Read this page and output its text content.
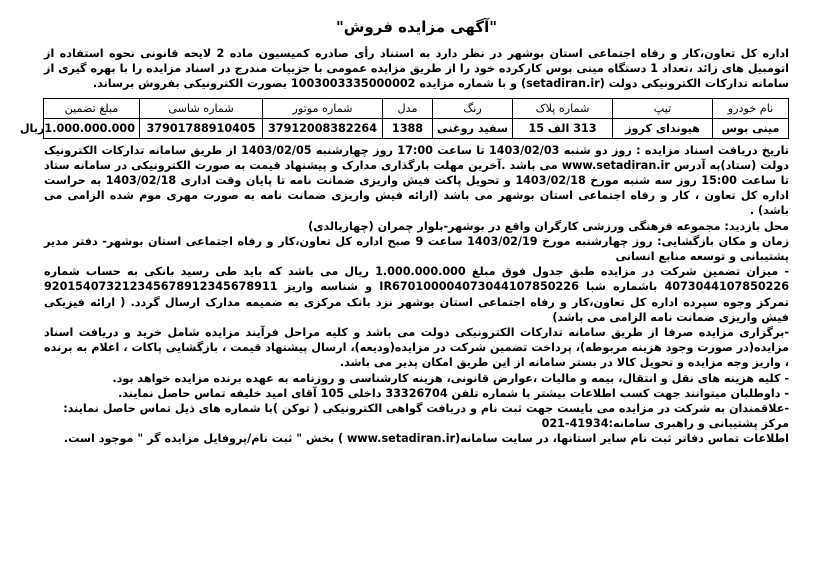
"آگهی مزایده فروش"

اداره کل تعاون،کار و رفاه اجتماعی استان بوشهر در نظر دارد به استناد رأی صادره کمیسیون ماده 2 لایحه قانونی نحوه استفاده از اتومبیل های زائد ،تعداد 1 دستگاه مینی بوس کارکرده خود را از طریق مزایده عمومی با جزییات مندرج در اسناد مزایده را با بهره گیری از سامانه تدارکات الکترونیکی دولت (setadiran.ir) و با شماره مزایده 1003003335000002 بصورت الکترونیکی بفروش برساند.

نام خودرو	تیپ	شماره پلاک	رنگ	مدل	شماره موتور	شماره شاسی	مبلغ تضمین
مینی بوس	هیوندای کروز	313 الف 15	سفید روغنی	1388	37912008382264	37901788910405	1.000.000.000ریال

تاریخ دریافت اسناد مزایده : روز دو شنبه 1403/02/03 تا ساعت 17:00 روز چهارشنبه 1403/02/05 از طریق سامانه تدارکات الکترونیک دولت (ستاد)به آدرس www.setadiran.ir می باشد .آخرین مهلت بارگذاری مدارک و پیشنهاد قیمت به صورت الکترونیکی در سامانه ستاد تا ساعت 15:00 روز سه شنبه مورخ 1403/02/18 و تحویل پاکت فیش واریزی ضمانت نامه تا پایان وقت اداری 1403/02/18 به حراست اداره کل تعاون ، کار و رفاه اجتماعی استان بوشهر می باشد (ارائه فیش واریزی ضمانت نامه به صورت مهری موم شده الزامی می باشد) .

محل بازدید: مجموعه فرهنگی ورزشی کارگران واقع در بوشهر-بلوار چمران (چهاربالدی)

زمان و مکان بازگشایی: روز چهارشنبه مورخ 1403/02/19 ساعت 9 صبح اداره کل تعاون،کار و رفاه اجتماعی استان بوشهر- دفتر مدیر پشتیبانی و توسعه منابع انسانی

- میزان تضمین شرکت در مزایده طبق جدول فوق مبلغ 1.000.000.000 ریال می باشد که باید طی رسید بانکی به حساب شماره 4073044107850226 باشماره شبا IR670100004073044107850226 و شناسه واریز 920154073212345678912345678911 تمرکز وجوه سپرده اداره کل تعاون،کار و رفاه اجتماعی استان بوشهر نزد بانک مرکزی به ضمیمه مدارک ارسال گردد. ( ارائه فیزیکی فیش واریزی ضمانت نامه الزامی می باشد)

-برگزاری مزایده صرفا از طریق سامانه تدارکات الکترونیکی دولت می باشد و کلیه مراحل فرآیند مزایده شامل خرید و دریافت اسناد مزایده(در صورت وجود هزینه مربوطه)، پرداخت تضمین شرکت در مزایده(ودیعه)، ارسال پیشنهاد قیمت ، بازگشایی پاکات ، اعلام به برنده ، واریز وجه مزایده و تحویل کالا در بستر سامانه از این طریق امکان پذیر می باشد.

- کلیه هزینه های نقل و انتقال، بیمه و مالیات ،عوارض قانونی، هزینه کارشناسی و روزنامه به عهده برنده مزایده خواهد بود.

- داوطلبان میتوانند جهت کسب اطلاعات بیشتر با شماره تلفن 33326704 داخلی 105 آقای امید خلیفه تماس حاصل نمایند.

-علاقمندان به شرکت در مزایده می بایست جهت ثبت نام و دریافت گواهی الکترونیکی ( توکن )با شماره های ذیل تماس حاصل نمایند:

مرکز پشتیبانی و راهبری سامانه:41934-021

اطلاعات تماس دفاتر ثبت نام سایر استانها، در سایت سامانه(www.setadiran.ir ) بخش " ثبت نام/پروفایل مزایده گر " موجود است.
